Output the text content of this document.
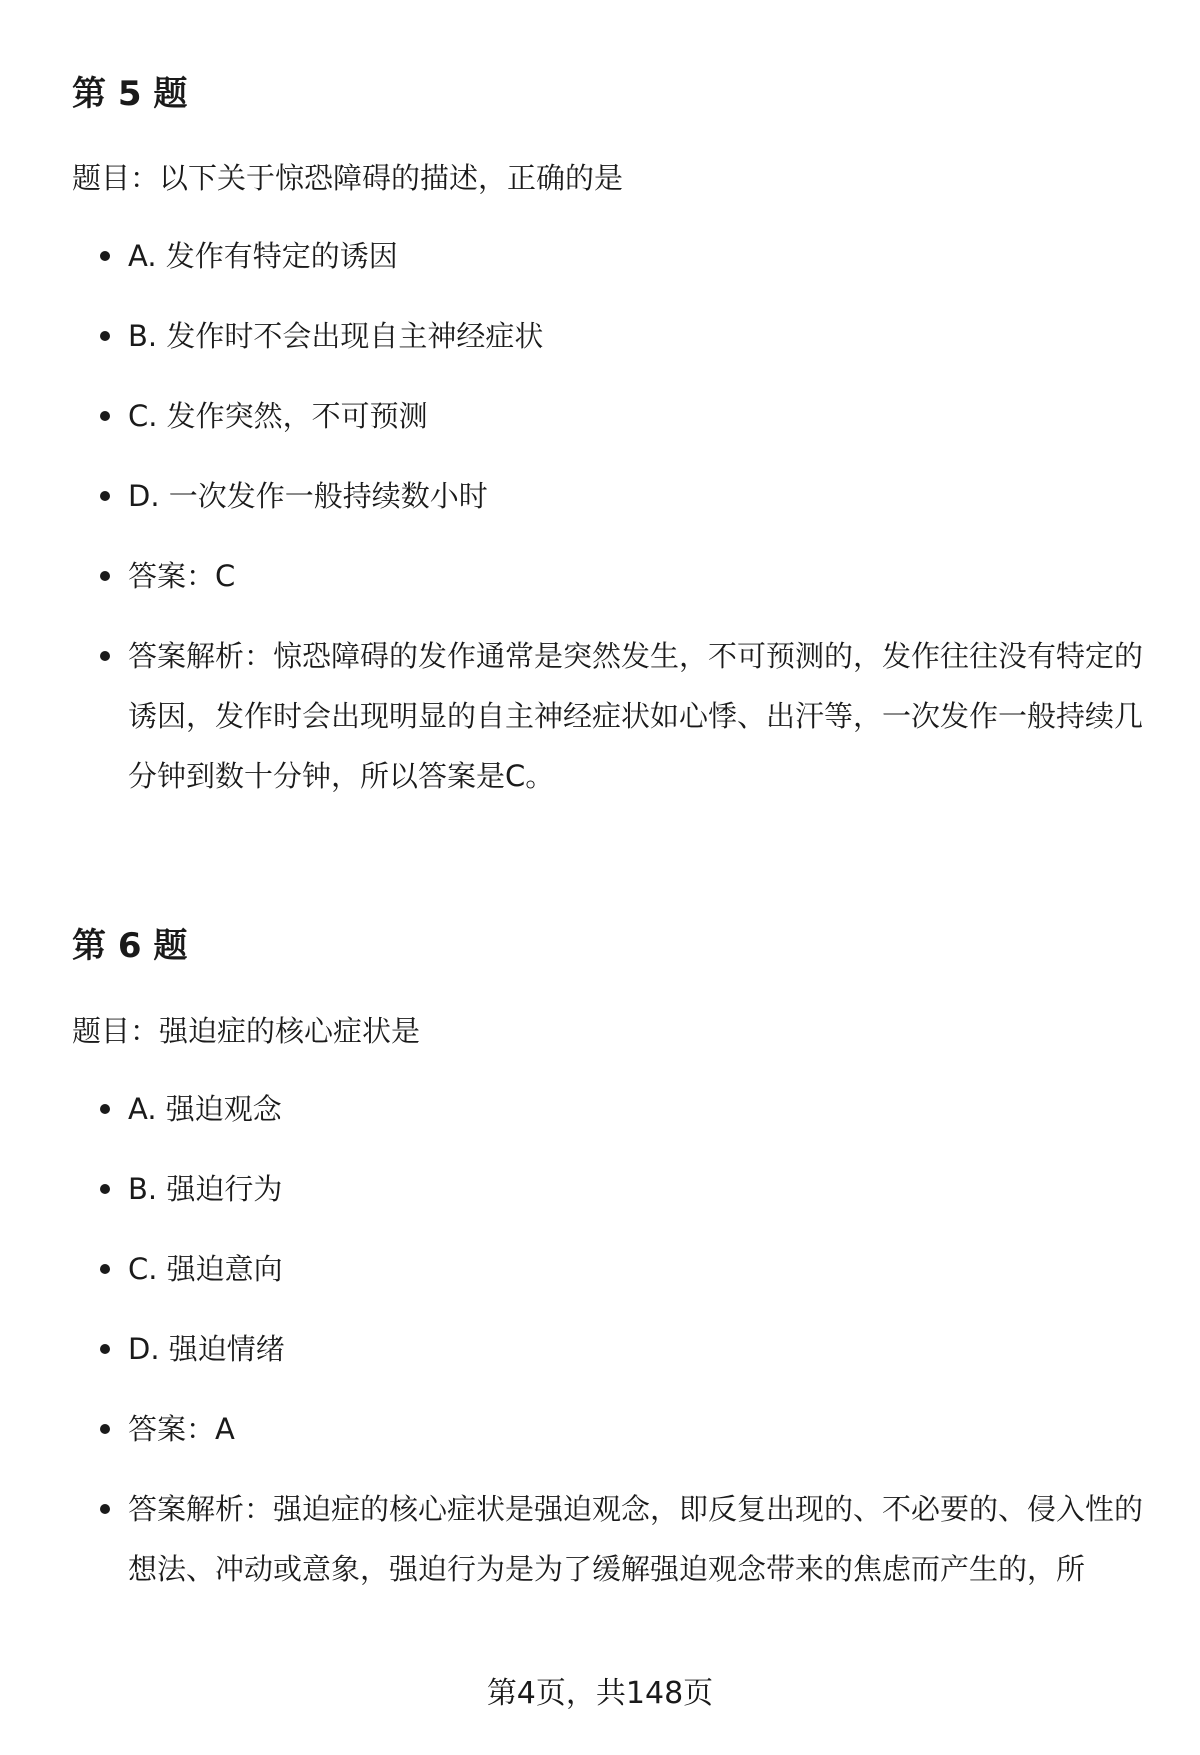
第 5 题

题目：以下关于惊恐障碍的描述，正确的是

A. 发作有特定的诱因
B. 发作时不会出现自主神经症状
C. 发作突然，不可预测
D. 一次发作一般持续数小时
答案：C
答案解析：惊恐障碍的发作通常是突然发生，不可预测的，发作往往没有特定的诱因，发作时会出现明显的自主神经症状如心悸、出汗等，一次发作一般持续几分钟到数十分钟，所以答案是C。
第 6 题

题目：强迫症的核心症状是

A. 强迫观念
B. 强迫行为
C. 强迫意向
D. 强迫情绪
答案：A
答案解析：强迫症的核心症状是强迫观念，即反复出现的、不必要的、侵入性的想法、冲动或意象，强迫行为是为了缓解强迫观念带来的焦虑而产生的，所
第4页，共148页
